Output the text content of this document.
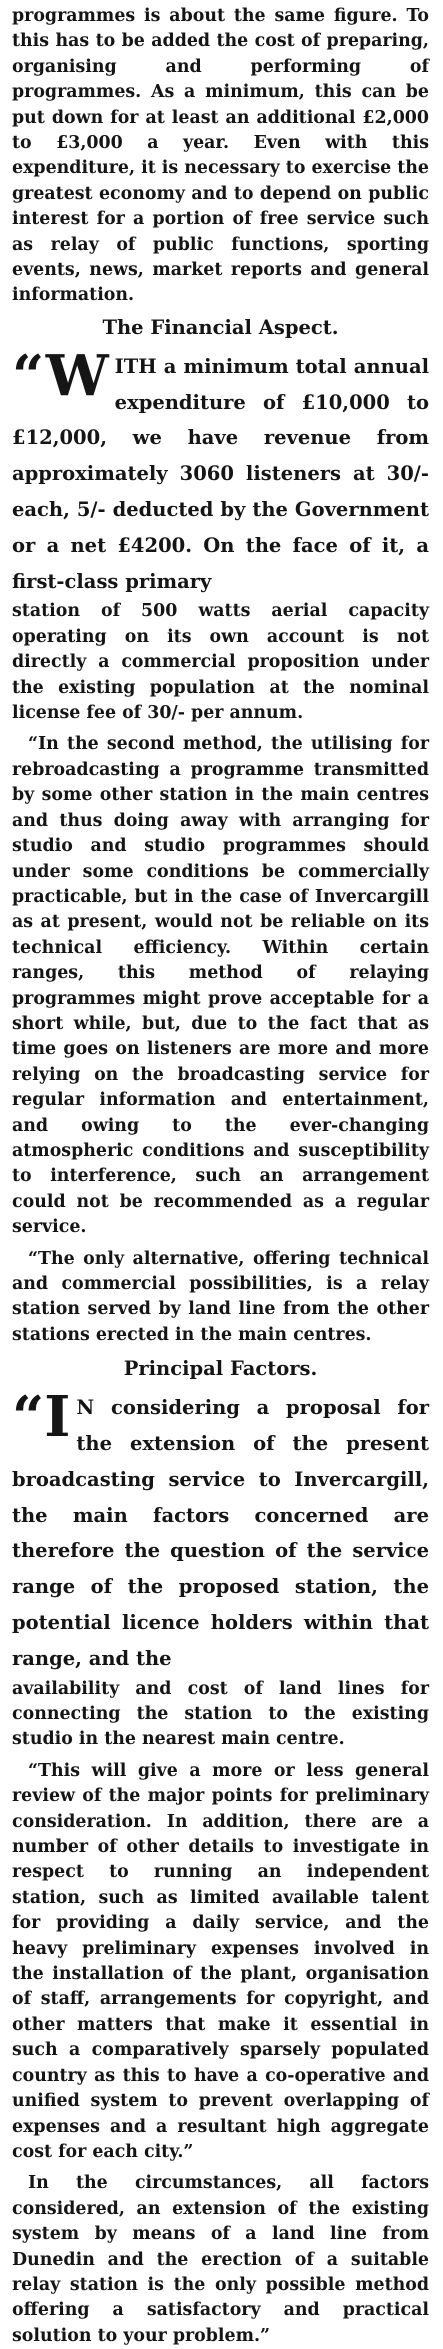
programmes is about the same figure. To this has to be added the cost of preparing, organising and performing of programmes. As a minimum, this can be put down for at least an additional £2,000 to £3,000 a year. Even with this expenditure, it is necessary to exercise the greatest economy and to depend on public interest for a portion of free service such as relay of public functions, sporting events, news, market reports and general information.

The Financial Aspect.

“W ITH a minimum total annual expenditure of £10,000 to £12,000, we have revenue from approximately 3060 listeners at 30/- each, 5/- deducted by the Government or a net £4200. On the face of it, a first-class primary

station of 500 watts aerial capacity operating on its own account is not directly a commercial proposition under the existing population at the nominal license fee of 30/- per annum.

“In the second method, the utilising for rebroadcasting a programme transmitted by some other station in the main centres and thus doing away with arranging for studio and studio programmes should under some conditions be commercially practicable, but in the case of Invercargill as at present, would not be reliable on its technical efficiency. Within certain ranges, this method of relaying programmes might prove acceptable for a short while, but, due to the fact that as time goes on listeners are more and more relying on the broadcasting service for regular information and entertainment, and owing to the ever-changing atmospheric conditions and susceptibility to interference, such an arrangement could not be recommended as a regular service.

“The only alternative, offering technical and commercial possibilities, is a relay station served by land line from the other stations erected in the main centres.

Principal Factors.

“I N considering a proposal for the extension of the present broadcasting service to Invercargill, the main factors concerned are therefore the question of the service range of the proposed station, the potential licence holders within that range, and the

availability and cost of land lines for connecting the station to the existing studio in the nearest main centre.

“This will give a more or less general review of the major points for preliminary consideration. In addition, there are a number of other details to investigate in respect to running an independent station, such as limited available talent for providing a daily service, and the heavy preliminary expenses involved in the installation of the plant, organisation of staff, arrangements for copyright, and other matters that make it essential in such a comparatively sparsely populated country as this to have a co-operative and unified system to prevent overlapping of expenses and a resultant high aggregate cost for each city.”

In the circumstances, all factors considered, an extension of the existing system by means of a land line from Dunedin and the erection of a suitable relay station is the only possible method offering a satisfactory and practical solution to your problem.”
